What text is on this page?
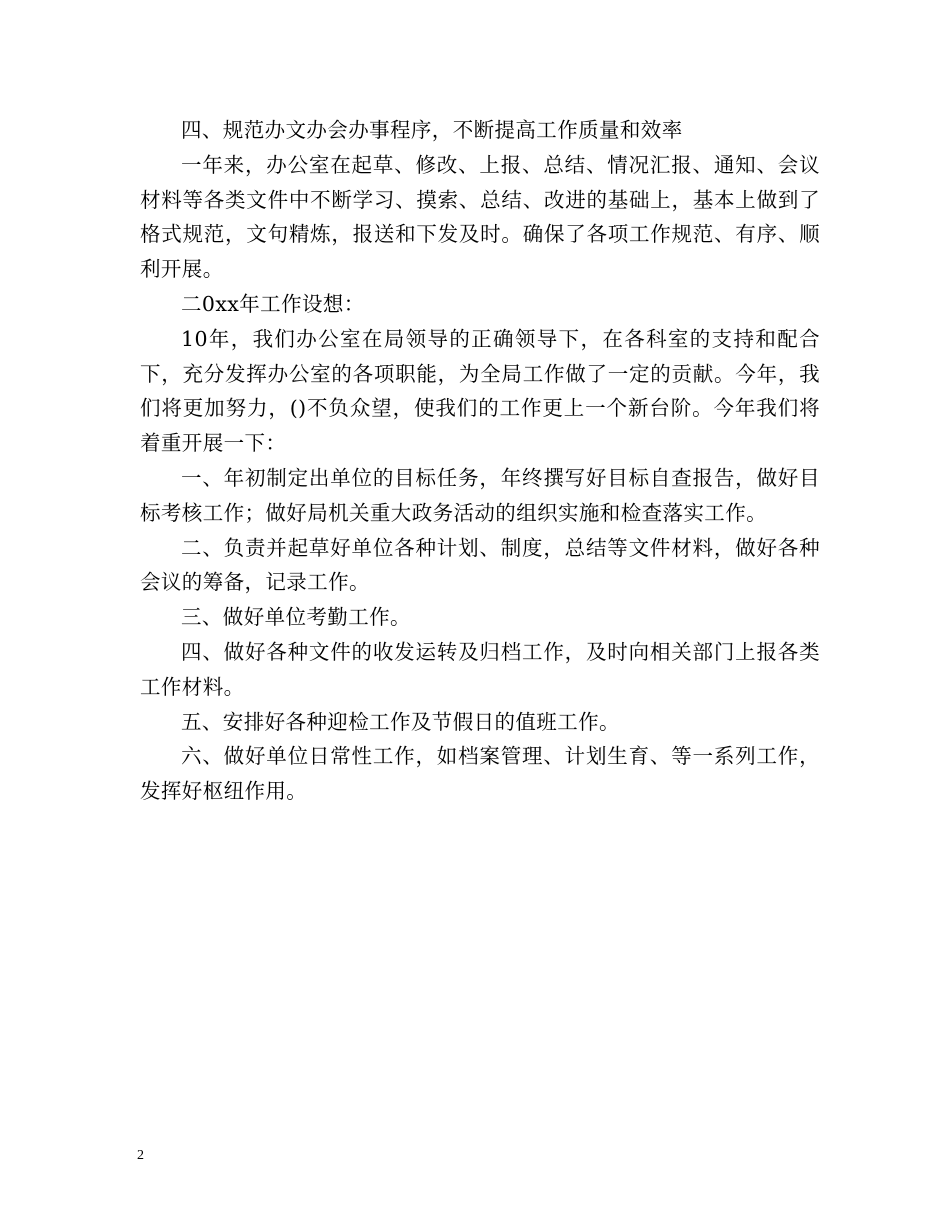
四、规范办文办会办事程序，不断提高工作质量和效率

一年来，办公室在起草、修改、上报、总结、情况汇报、通知、会议材料等各类文件中不断学习、摸索、总结、改进的基础上，基本上做到了格式规范，文句精炼，报送和下发及时。确保了各项工作规范、有序、顺利开展。

二0xx年工作设想：

10年，我们办公室在局领导的正确领导下，在各科室的支持和配合下，充分发挥办公室的各项职能，为全局工作做了一定的贡献。今年，我们将更加努力，()不负众望，使我们的工作更上一个新台阶。今年我们将着重开展一下：

一、年初制定出单位的目标任务，年终撰写好目标自查报告，做好目标考核工作；做好局机关重大政务活动的组织实施和检查落实工作。

二、负责并起草好单位各种计划、制度，总结等文件材料，做好各种会议的筹备，记录工作。

三、做好单位考勤工作。

四、做好各种文件的收发运转及归档工作，及时向相关部门上报各类工作材料。

五、安排好各种迎检工作及节假日的值班工作。

六、做好单位日常性工作，如档案管理、计划生育、等一系列工作，发挥好枢纽作用。

2
